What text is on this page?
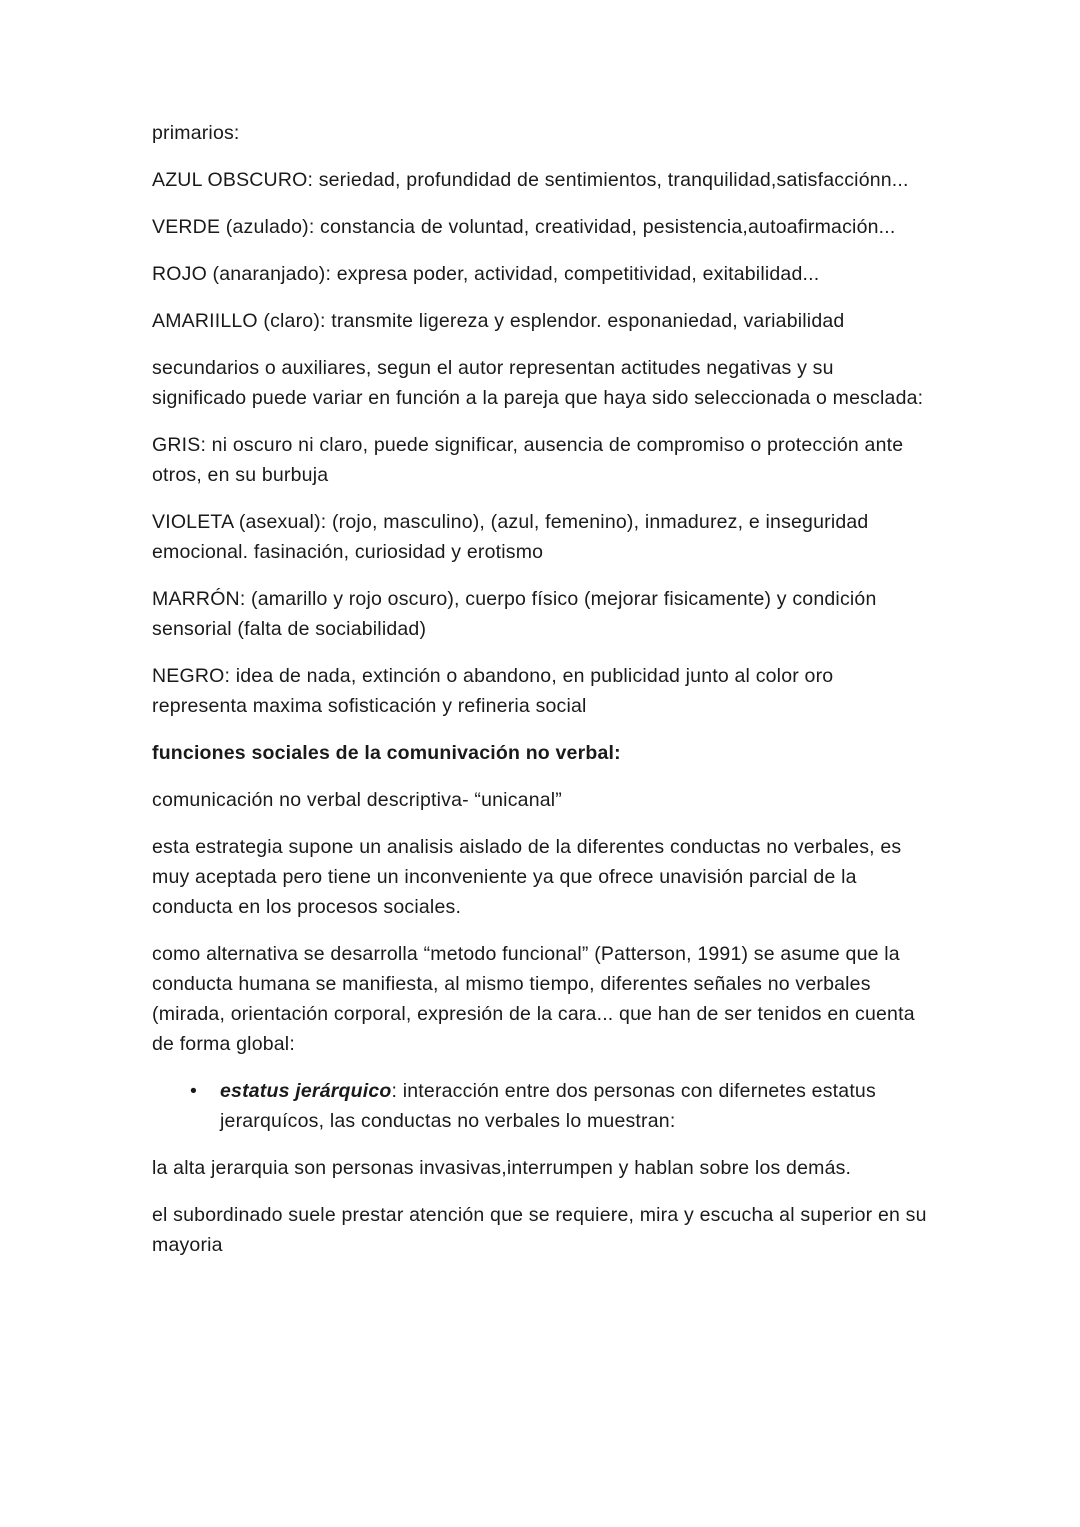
primarios:

AZUL OBSCURO: seriedad, profundidad de sentimientos, tranquilidad,satisfacciónn...

VERDE (azulado): constancia de voluntad, creatividad, pesistencia,autoafirmación...

ROJO (anaranjado): expresa poder, actividad, competitividad, exitabilidad...

AMARIILLO (claro): transmite ligereza y esplendor. esponaniedad, variabilidad

secundarios o auxiliares, segun el autor representan actitudes negativas y su significado puede variar en función a la pareja que haya sido seleccionada o mesclada:

GRIS: ni oscuro ni claro, puede significar, ausencia de compromiso o protección ante otros, en su burbuja

VIOLETA (asexual): (rojo, masculino), (azul, femenino), inmadurez, e inseguridad emocional. fasinación, curiosidad y erotismo

MARRÓN: (amarillo y rojo oscuro), cuerpo físico (mejorar fisicamente) y condición sensorial (falta de sociabilidad)

NEGRO: idea de nada, extinción o abandono, en publicidad junto al color oro representa maxima sofisticación y refineria social

funciones sociales de la comunivación no verbal:

comunicación no verbal descriptiva- “unicanal”

esta estrategia supone un analisis aislado de la diferentes conductas no verbales, es muy aceptada pero tiene un inconveniente ya que ofrece unavisión parcial de la conducta en los procesos sociales.

como alternativa se desarrolla “metodo funcional” (Patterson, 1991) se asume que la conducta humana se manifiesta, al mismo tiempo, diferentes señales no verbales (mirada, orientación corporal, expresión de la cara... que han de ser tenidos en cuenta de forma global:

• estatus jerárquico: interacción entre dos personas con difernetes estatus jerarquícos, las conductas no verbales lo muestran:

la alta jerarquia son personas invasivas,interrumpen y hablan sobre los demás.

el subordinado suele prestar atención que se requiere, mira y escucha al superior en su mayoria
